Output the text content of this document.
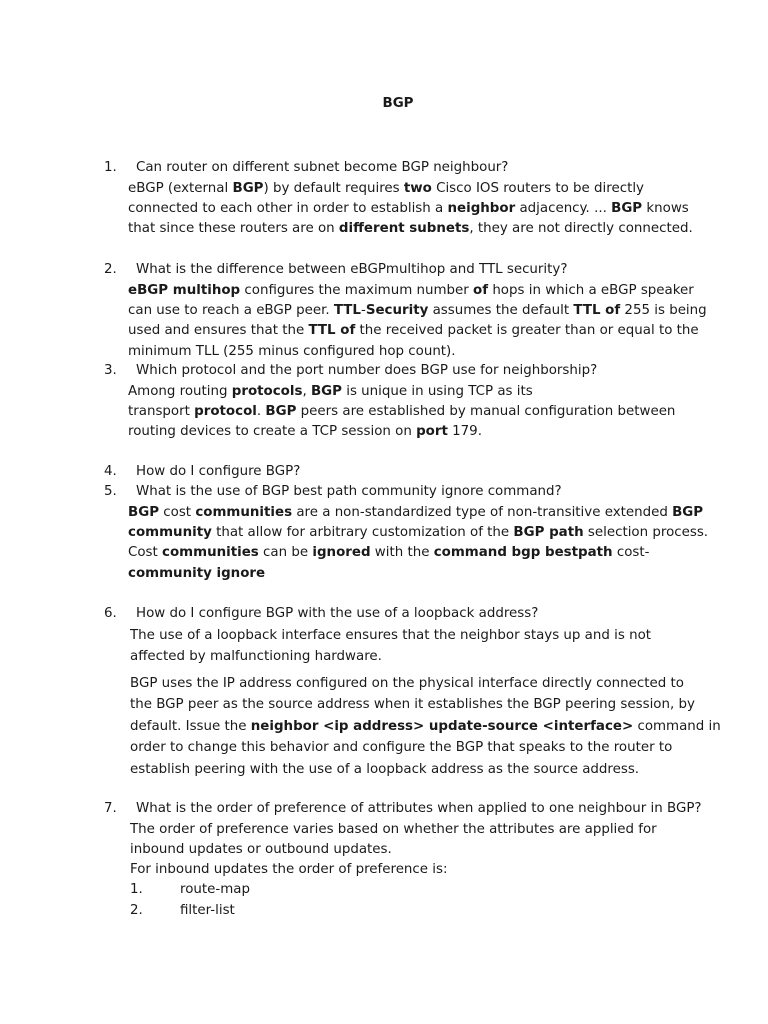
BGP
1. Can router on different subnet become BGP neighbour?
eBGP (external BGP) by default requires two Cisco IOS routers to be directly
connected to each other in order to establish a neighbor adjacency. ... BGP knows
that since these routers are on different subnets, they are not directly connected.
2. What is the difference between eBGPmultihop and TTL security?
eBGP multihop configures the maximum number of hops in which a eBGP speaker
can use to reach a eBGP peer. TTL-Security assumes the default TTL of 255 is being
used and ensures that the TTL of the received packet is greater than or equal to the
minimum TLL (255 minus configured hop count).
3. Which protocol and the port number does BGP use for neighborship?
Among routing protocols, BGP is unique in using TCP as its
transport protocol. BGP peers are established by manual configuration between
routing devices to create a TCP session on port 179.
4. How do I configure BGP?
5. What is the use of BGP best path community ignore command?
BGP cost communities are a non-standardized type of non-transitive extended BGP
community that allow for arbitrary customization of the BGP path selection process.
Cost communities can be ignored with the command bgp bestpath cost-
community ignore
6. How do I configure BGP with the use of a loopback address?
The use of a loopback interface ensures that the neighbor stays up and is not
affected by malfunctioning hardware.
BGP uses the IP address configured on the physical interface directly connected to
the BGP peer as the source address when it establishes the BGP peering session, by
default. Issue the neighbor <ip address> update-source <interface> command in
order to change this behavior and configure the BGP that speaks to the router to
establish peering with the use of a loopback address as the source address.
7. What is the order of preference of attributes when applied to one neighbour in BGP?
The order of preference varies based on whether the attributes are applied for
inbound updates or outbound updates.
For inbound updates the order of preference is:
1.	route-map
2.	filter-list
